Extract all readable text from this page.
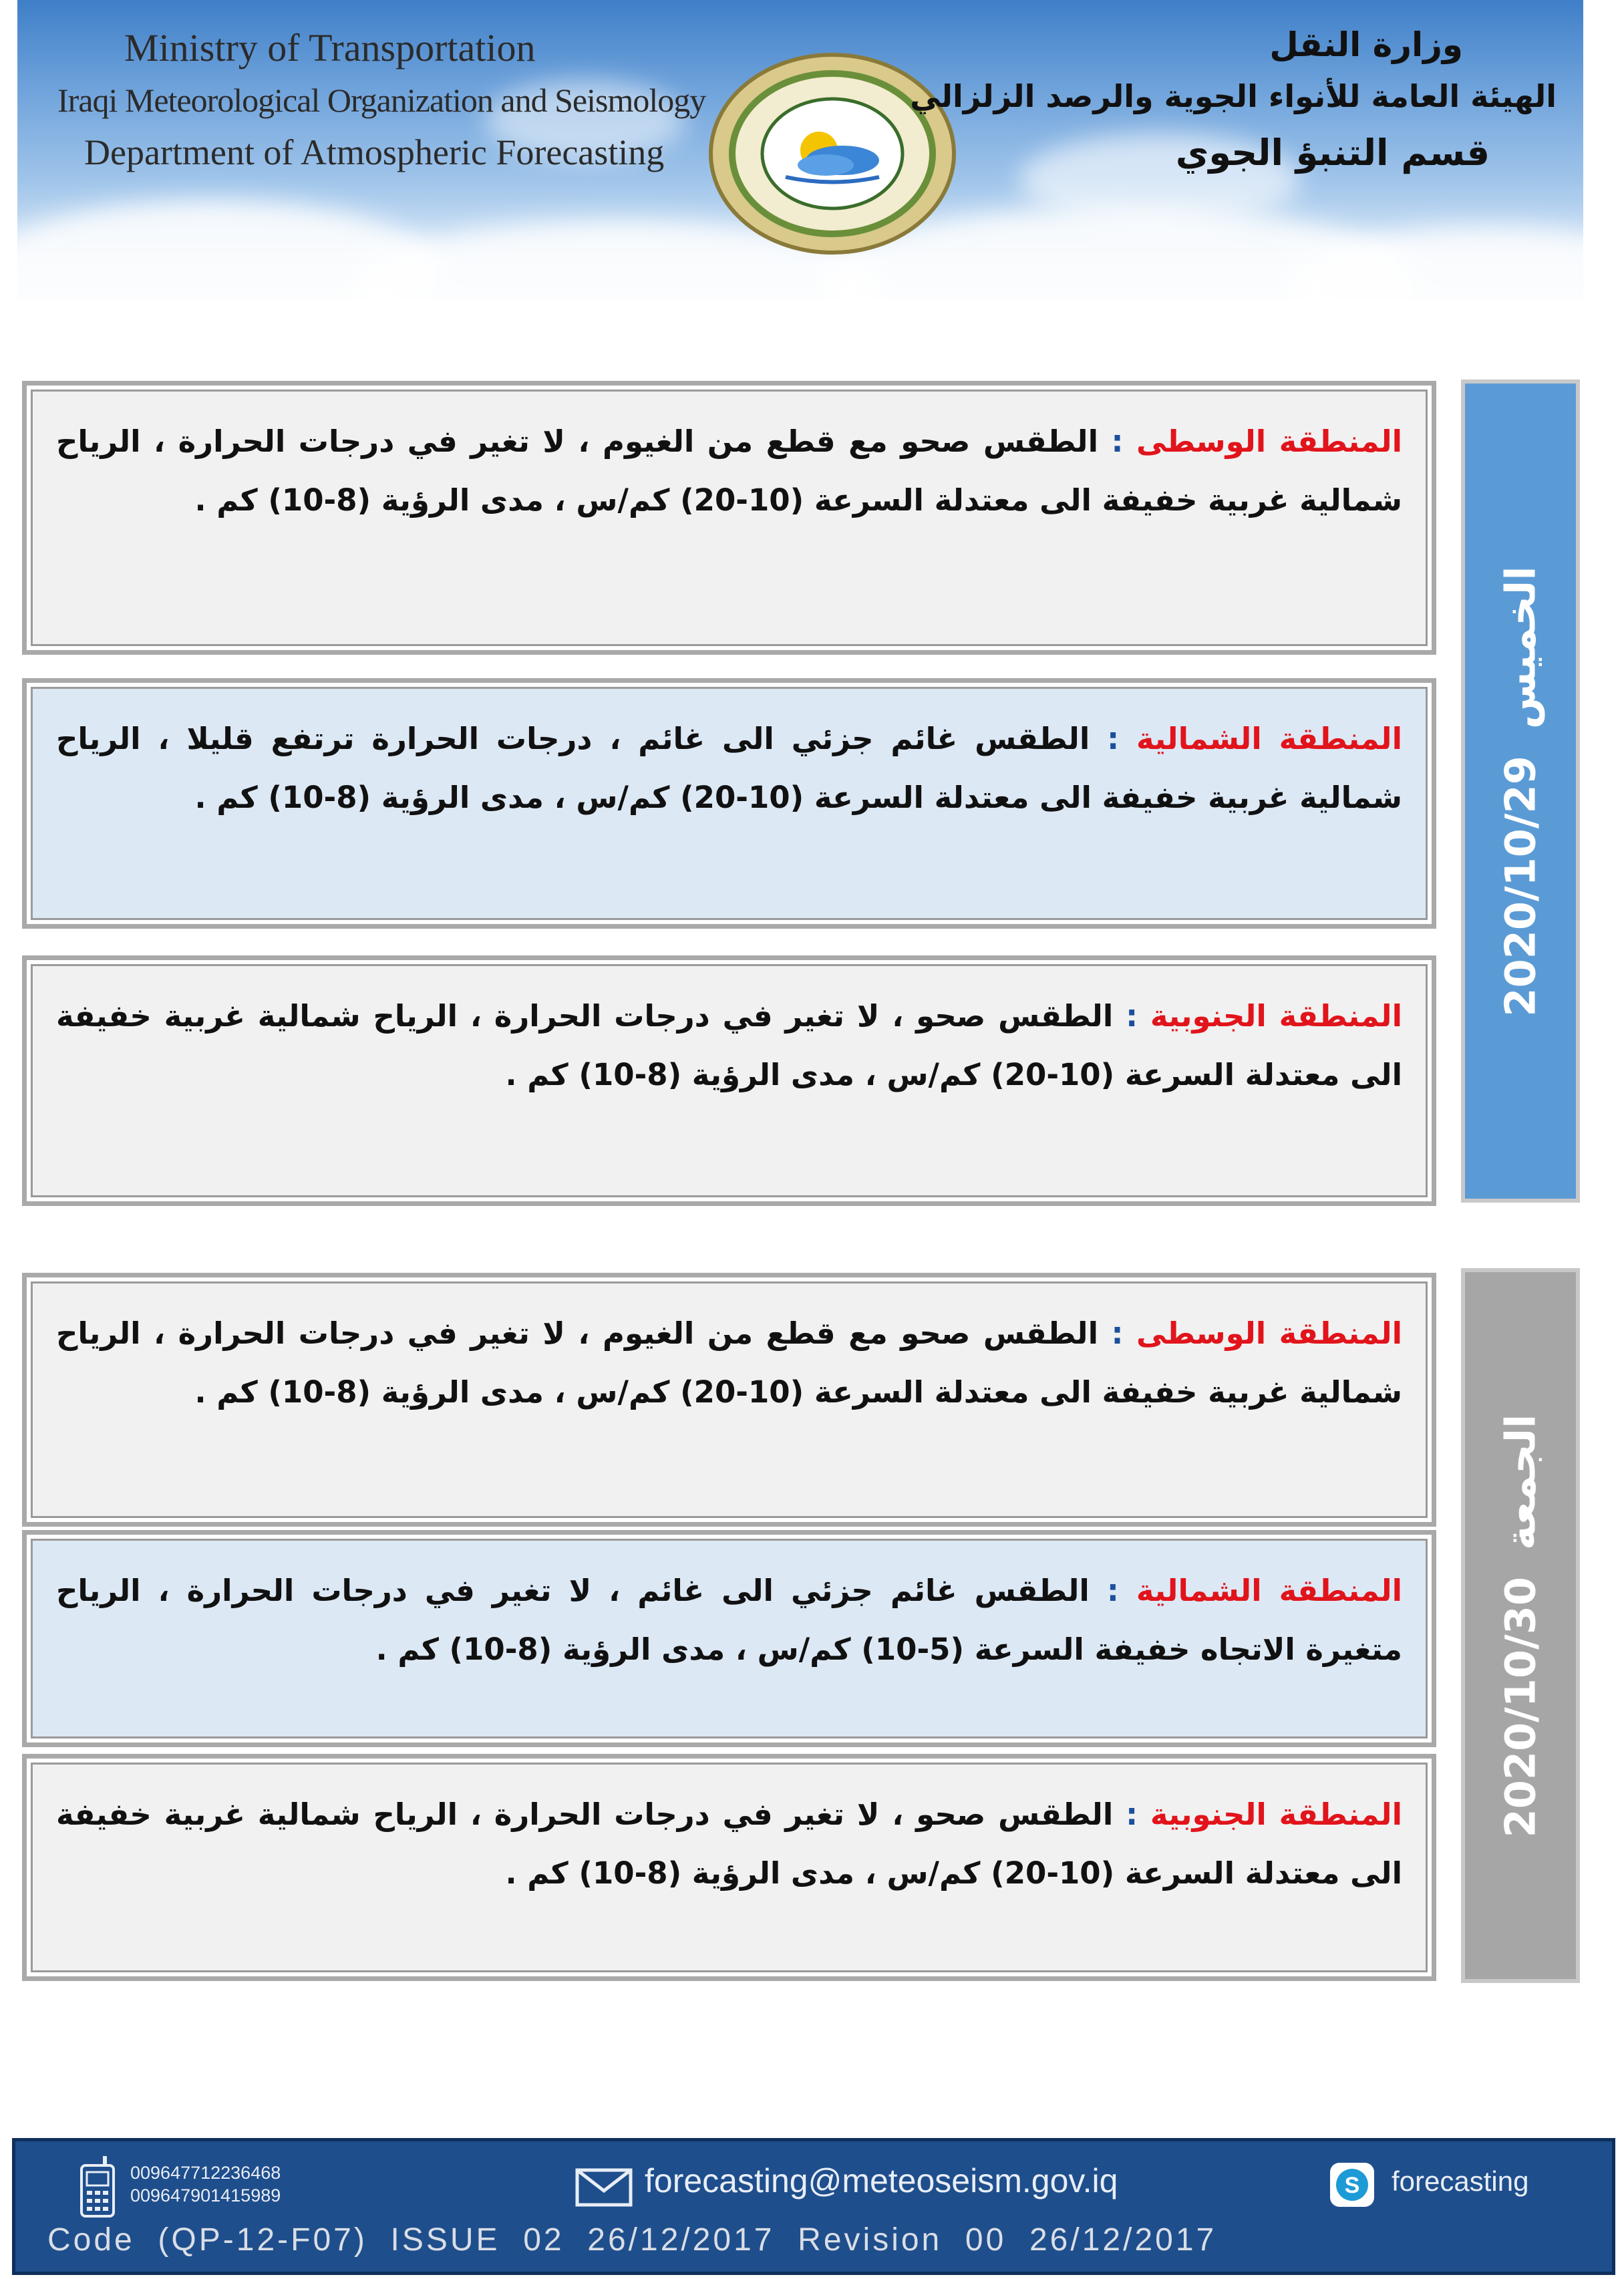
Ministry of Transportation
Iraqi Meteorological Organization and Seismology
Department of Atmospheric Forecasting
وزارة النقل
الهيئة العامة للأنواء الجوية والرصد الزلزالي
قسم التنبؤ الجوي
المنطقة الوسطى : الطقس صحو مع قطع من الغيوم ، لا تغير في درجات الحرارة ، الرياح شمالية غربية خفيفة الى معتدلة السرعة (10-20) كم/س ، مدى الرؤية (8-10) كم .
المنطقة الشمالية : الطقس غائم جزئي الى غائم ، درجات الحرارة ترتفع قليلا ، الرياح شمالية غربية خفيفة الى معتدلة السرعة (10-20) كم/س ، مدى الرؤية (8-10) كم .
المنطقة الجنوبية : الطقس صحو ، لا تغير في درجات الحرارة ، الرياح شمالية غربية خفيفة الى معتدلة السرعة (10-20) كم/س ، مدى الرؤية (8-10) كم .
2020/10/29
الخميس
المنطقة الوسطى : الطقس صحو مع قطع من الغيوم ، لا تغير في درجات الحرارة ، الرياح شمالية غربية خفيفة الى معتدلة السرعة (10-20) كم/س ، مدى الرؤية (8-10) كم .
المنطقة الشمالية : الطقس غائم جزئي الى غائم ، لا تغير في درجات الحرارة ، الرياح متغيرة الاتجاه خفيفة السرعة (5-10) كم/س ، مدى الرؤية (8-10) كم .
المنطقة الجنوبية : الطقس صحو ، لا تغير في درجات الحرارة ، الرياح شمالية غربية خفيفة الى معتدلة السرعة (10-20) كم/س ، مدى الرؤية (8-10) كم .
2020/10/30
الجمعة
009647712236468
009647901415989	forecasting@meteoseism.gov.iq	S forecasting
Code  (QP-12-F07)  ISSUE  02  26/12/2017  Revision  00  26/12/2017
